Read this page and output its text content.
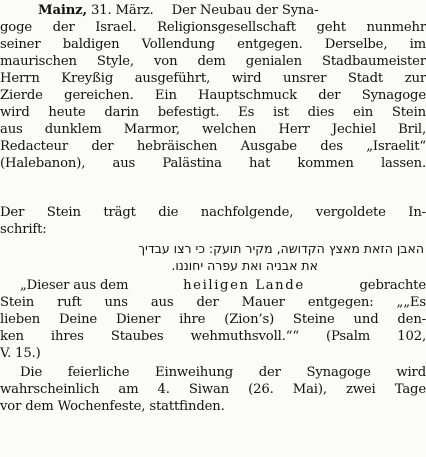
Mainz, 31. März. Der Neubau der Syna-
goge der Israel. Religionsgesellschaft geht nunmehr
seiner baldigen Vollendung entgegen. Derselbe, im
maurischen Style, von dem genialen Stadbaumeister
Herrn Kreyßig ausgeführt, wird unsrer Stadt zur
Zierde gereichen. Ein Hauptschmuck der Synagoge
wird heute darin befestigt. Es ist dies ein Stein
aus dunklem Marmor, welchen Herr Jechiel Bril,
Redacteur der hebräischen Ausgabe des „Israelit“
(Halebanon), aus Palästina hat kommen lassen.
Der Stein trägt die nachfolgende, vergoldete In-
schrift:
האבן הזאת מאצץ הקדושה, מקיר תועק: כי רצו עבדיך
את אבניה ואת עפרה יחוננו.
„Dieser aus dem	heiligen Lande	gebrachte
Stein ruft uns aus der Mauer entgegen: „„Es
lieben Deine Diener ihre (Zion’s) Steine und den-
ken ihres Staubes wehmuthsvoll.““ (Psalm 102,
V. 15.)
Die feierliche Einweihung der Synagoge wird
wahrscheinlich am 4. Siwan (26. Mai), zwei Tage
vor dem Wochenfeste, stattfinden.
